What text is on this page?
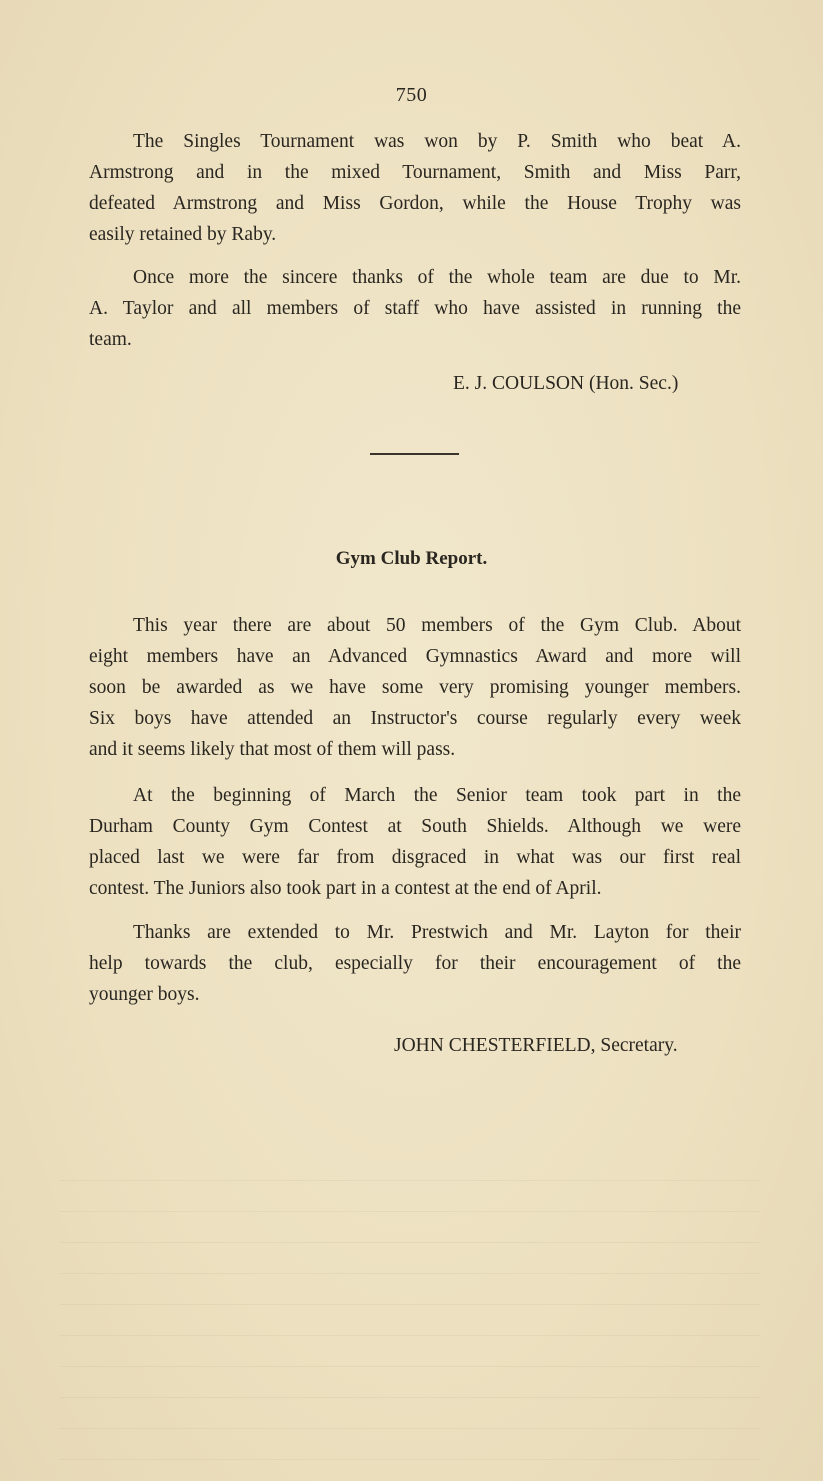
750
The Singles Tournament was won by P. Smith who beat A.
Armstrong and in the mixed Tournament, Smith and Miss Parr,
defeated Armstrong and Miss Gordon, while the House Trophy was
easily retained by Raby.
Once more the sincere thanks of the whole team are due to Mr.
A. Taylor and all members of staff who have assisted in running the
team.
E. J. COULSON (Hon. Sec.)
Gym Club Report.
This year there are about 50 members of the Gym Club. About
eight members have an Advanced Gymnastics Award and more will
soon be awarded as we have some very promising younger members.
Six boys have attended an Instructor's course regularly every week
and it seems likely that most of them will pass.
At the beginning of March the Senior team took part in the
Durham County Gym Contest at South Shields. Although we were
placed last we were far from disgraced in what was our first real
contest. The Juniors also took part in a contest at the end of April.
Thanks are extended to Mr. Prestwich and Mr. Layton for their
help towards the club, especially for their encouragement of the
younger boys.
JOHN CHESTERFIELD, Secretary.
